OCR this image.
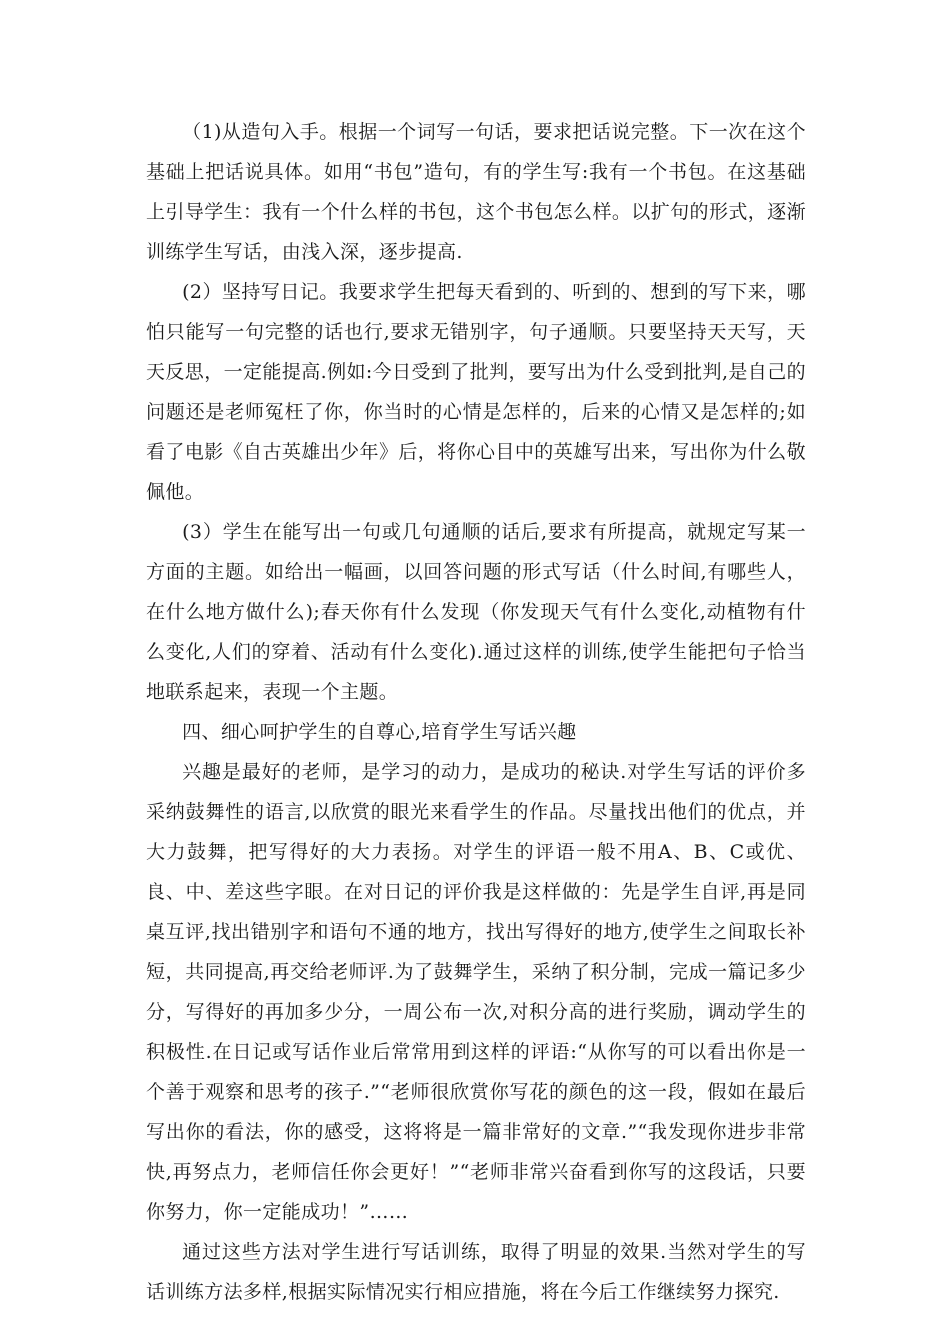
（1)从造句入手。根据一个词写一句话，要求把话说完整。下一次在这个基础上把话说具体。如用“书包”造句，有的学生写:我有一个书包。在这基础上引导学生：我有一个什么样的书包，这个书包怎么样。以扩句的形式，逐渐训练学生写话，由浅入深，逐步提高.

(2）坚持写日记。我要求学生把每天看到的、听到的、想到的写下来，哪怕只能写一句完整的话也行,要求无错别字，句子通顺。只要坚持天天写，天天反思，一定能提高.例如:今日受到了批判，要写出为什么受到批判,是自己的问题还是老师冤枉了你，你当时的心情是怎样的，后来的心情又是怎样的;如看了电影《自古英雄出少年》后，将你心目中的英雄写出来，写出你为什么敬佩他。

(3）学生在能写出一句或几句通顺的话后,要求有所提高，就规定写某一方面的主题。如给出一幅画，以回答问题的形式写话（什么时间,有哪些人，在什么地方做什么);春天你有什么发现（你发现天气有什么变化,动植物有什么变化,人们的穿着、活动有什么变化).通过这样的训练,使学生能把句子恰当地联系起来，表现一个主题。

四、细心呵护学生的自尊心,培育学生写话兴趣

兴趣是最好的老师，是学习的动力，是成功的秘诀.对学生写话的评价多采纳鼓舞性的语言,以欣赏的眼光来看学生的作品。尽量找出他们的优点，并大力鼓舞，把写得好的大力表扬。对学生的评语一般不用A、B、C或优、良、中、差这些字眼。在对日记的评价我是这样做的：先是学生自评,再是同桌互评,找出错别字和语句不通的地方，找出写得好的地方,使学生之间取长补短，共同提高,再交给老师评.为了鼓舞学生，采纳了积分制，完成一篇记多少分，写得好的再加多少分，一周公布一次,对积分高的进行奖励，调动学生的积极性.在日记或写话作业后常常用到这样的评语:“从你写的可以看出你是一个善于观察和思考的孩子.”“老师很欣赏你写花的颜色的这一段，假如在最后写出你的看法，你的感受，这将将是一篇非常好的文章.”“我发现你进步非常快,再努点力，老师信任你会更好！”“老师非常兴奋看到你写的这段话，只要你努力，你一定能成功！”……

通过这些方法对学生进行写话训练，取得了明显的效果.当然对学生的写话训练方法多样,根据实际情况实行相应措施，将在今后工作继续努力探究.
